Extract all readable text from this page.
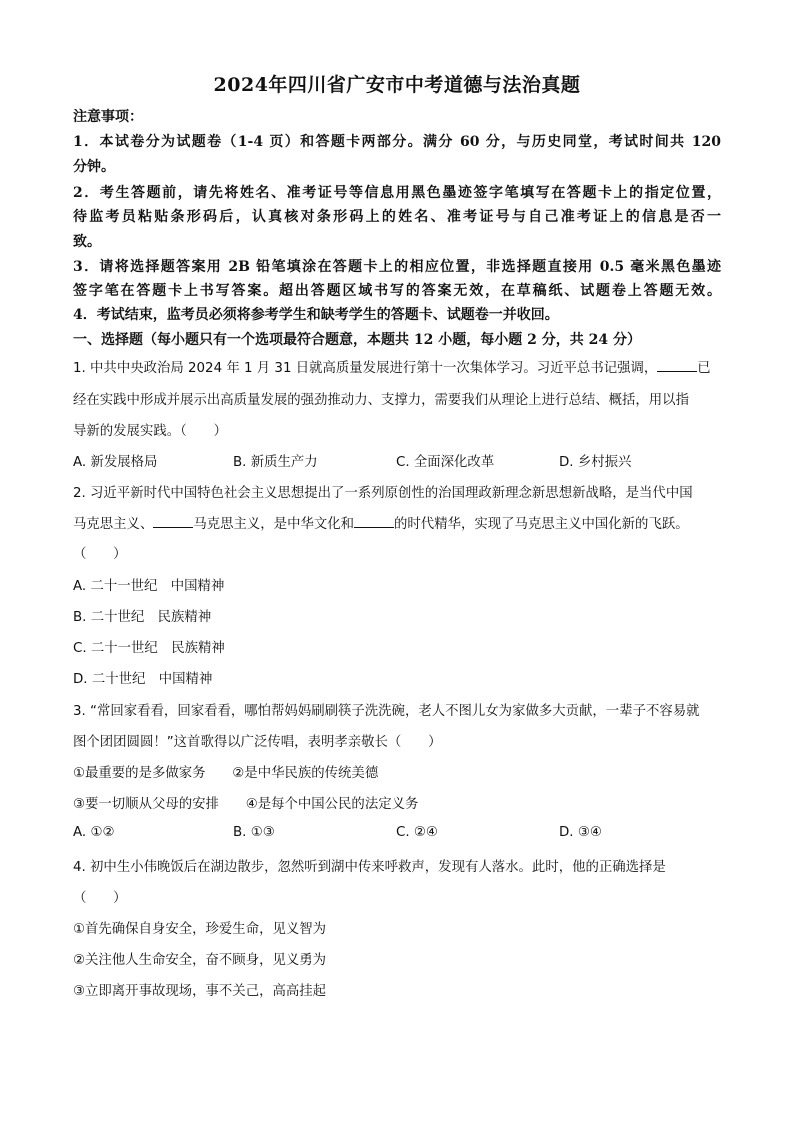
2024年四川省广安市中考道德与法治真题
注意事项：
1．本试卷分为试题卷（1-4 页）和答题卡两部分。满分 60 分，与历史同堂，考试时间共 120
分钟。
2．考生答题前，请先将姓名、准考证号等信息用黑色墨迹签字笔填写在答题卡上的指定位置，
待监考员粘贴条形码后，认真核对条形码上的姓名、准考证号与自己准考证上的信息是否一
致。
3．请将选择题答案用 2B 铅笔填涂在答题卡上的相应位置，非选择题直接用 0.5 毫米黑色墨迹
签字笔在答题卡上书写答案。超出答题区域书写的答案无效，在草稿纸、试题卷上答题无效。
4．考试结束，监考员必须将参考学生和缺考学生的答题卡、试题卷一并收回。
一、选择题（每小题只有一个选项最符合题意，本题共 12 小题，每小题 2 分，共 24 分）
1. 中共中央政治局 2024 年 1 月 31 日就高质量发展进行第十一次集体学习。习近平总书记强调，	已
经在实践中形成并展示出高质量发展的强劲推动力、支撑力，需要我们从理论上进行总结、概括，用以指
导新的发展实践。（　　）
A. 新发展格局	B. 新质生产力	C. 全面深化改革	D. 乡村振兴
2. 习近平新时代中国特色社会主义思想提出了一系列原创性的治国理政新理念新思想新战略，是当代中国
马克思主义、	马克思主义，是中华文化和	的时代精华，实现了马克思主义中国化新的飞跃。
（　　）
A. 二十一世纪　中国精神
B. 二十世纪　民族精神
C. 二十一世纪　民族精神
D. 二十世纪　中国精神
3. “常回家看看，回家看看，哪怕帮妈妈刷刷筷子洗洗碗，老人不图儿女为家做多大贡献，一辈子不容易就
图个团团圆圆！”这首歌得以广泛传唱，表明孝亲敬长（　　）
①最重要的是多做家务　　②是中华民族的传统美德
③要一切顺从父母的安排　　④是每个中国公民的法定义务
A. ①②	B. ①③	C. ②④	D. ③④
4. 初中生小伟晚饭后在湖边散步，忽然听到湖中传来呼救声，发现有人落水。此时，他的正确选择是
（　　）
①首先确保自身安全，珍爱生命，见义智为
②关注他人生命安全，奋不顾身，见义勇为
③立即离开事故现场，事不关己，高高挂起
